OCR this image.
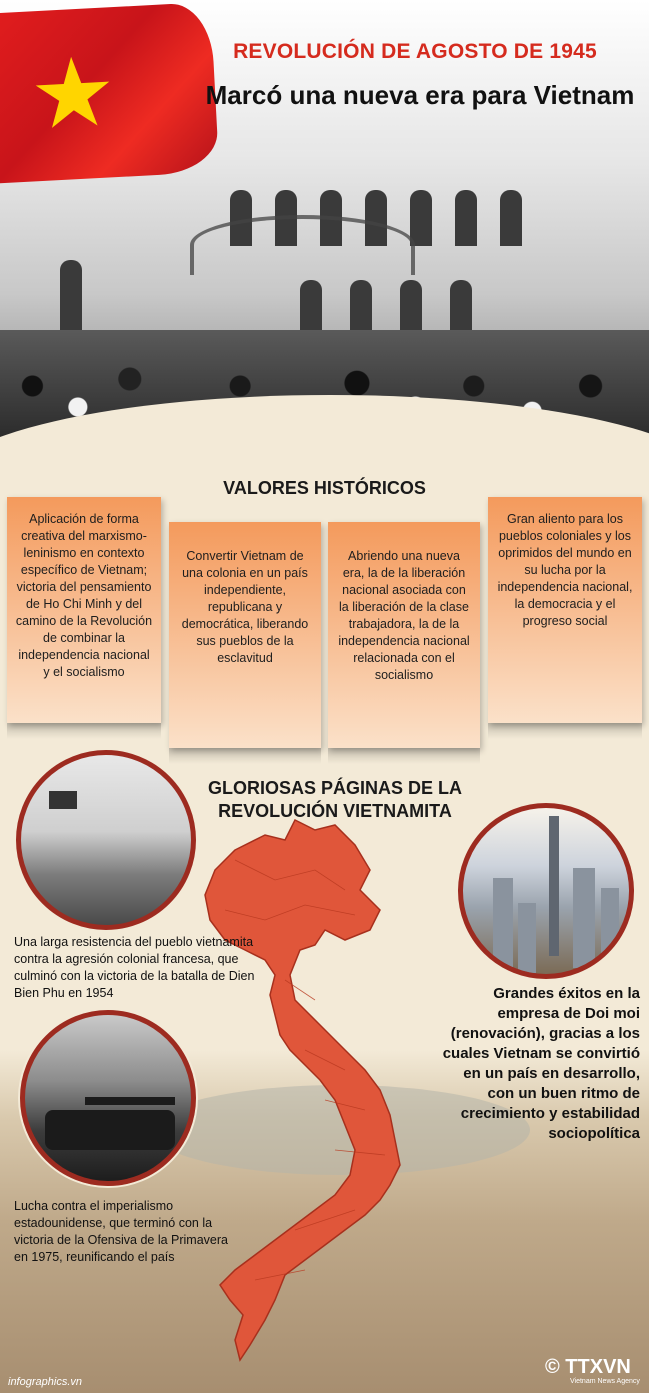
★	REVOLUCIÓN DE AGOSTO DE 1945
Marcó una nueva era para Vietnam
VALORES HISTÓRICOS
Aplicación de forma creativa del marxismo-leninismo en contexto específico de Vietnam; victoria del pensamiento de Ho Chi Minh y del camino de la Revolución de combinar la independencia nacional y el socialismo
Convertir Vietnam de una colonia en un país independiente, republicana y democrática, liberando sus pueblos de la esclavitud
Abriendo una nueva era, la de la liberación nacional asociada con la liberación de la clase trabajadora, la de la independencia nacional relacionada con el socialismo
Gran aliento para los pueblos coloniales y los oprimidos del mundo en su lucha por la independencia nacional, la democracia y el progreso social
GLORIOSAS PÁGINAS DE LA
REVOLUCIÓN VIETNAMITA
Una larga resistencia del pueblo vietnamita contra la agresión colonial francesa, que culminó con la victoria de la batalla de Dien Bien Phu en 1954
Lucha contra el imperialismo estadounidense, que terminó con la victoria de la Ofensiva de la Primavera en 1975, reunificando el país
Grandes éxitos en la empresa de Doi moi (renovación), gracias a los cuales Vietnam se convirtió en un país en desarrollo, con un buen ritmo de crecimiento y estabilidad sociopolítica
infographics.vn
© TTXVN
Vietnam News Agency
